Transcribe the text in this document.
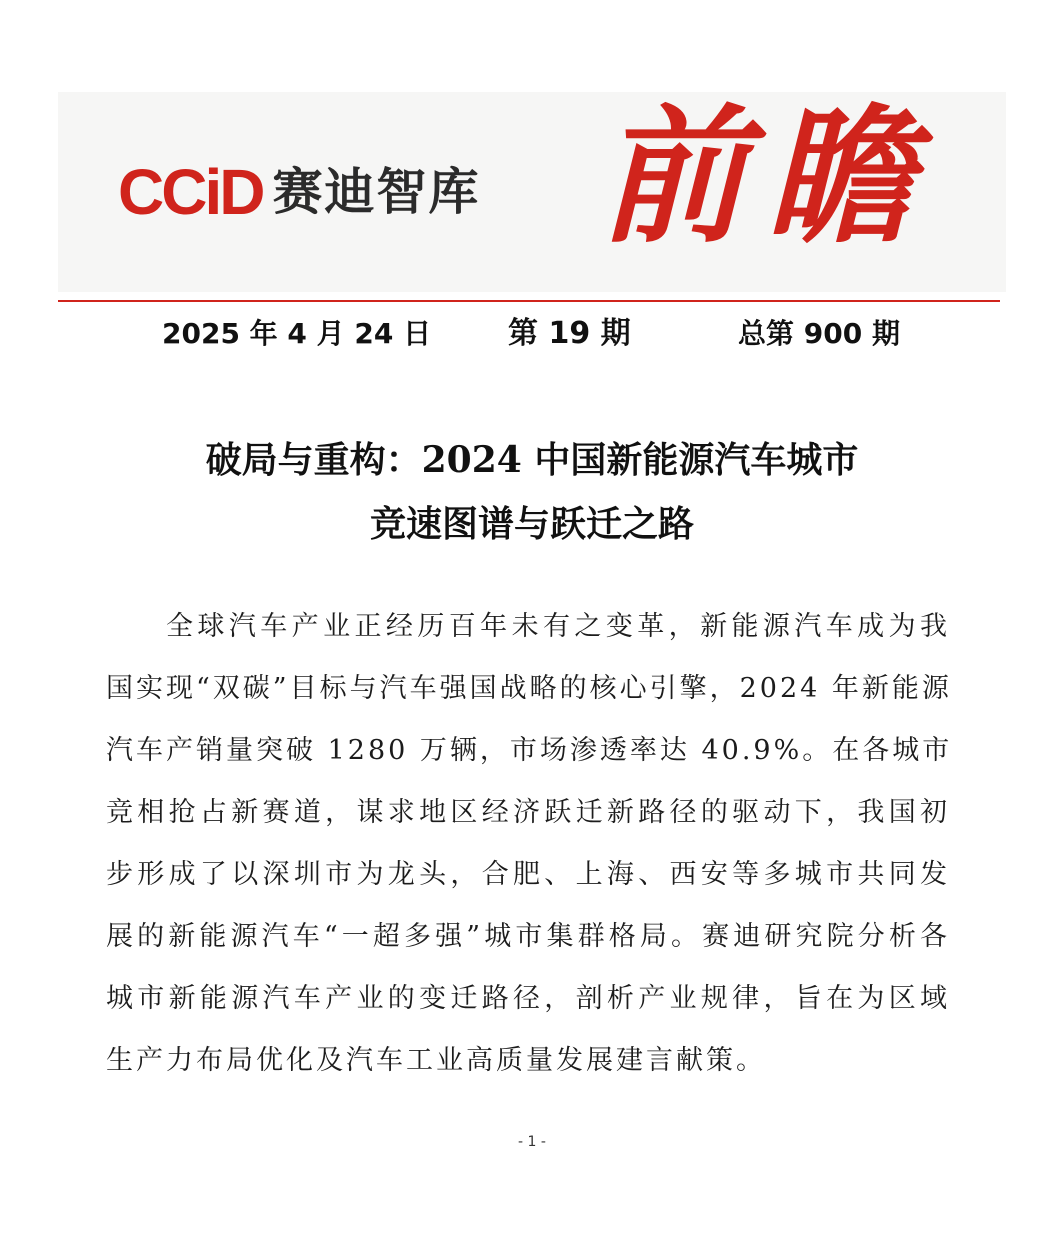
CCiD 赛迪智库 前瞻
2025 年 4 月 24 日	第 19 期	总第 900 期
破局与重构：2024 中国新能源汽车城市
竞速图谱与跃迁之路
全球汽车产业正经历百年未有之变革，新能源汽车成为我
国实现“双碳”目标与汽车强国战略的核心引擎，2024 年新能源
汽车产销量突破 1280 万辆，市场渗透率达 40.9%。在各城市
竞相抢占新赛道，谋求地区经济跃迁新路径的驱动下，我国初
步形成了以深圳市为龙头，合肥、上海、西安等多城市共同发
展的新能源汽车“一超多强”城市集群格局。赛迪研究院分析各
城市新能源汽车产业的变迁路径，剖析产业规律，旨在为区域
生产力布局优化及汽车工业高质量发展建言献策。
- 1 -
